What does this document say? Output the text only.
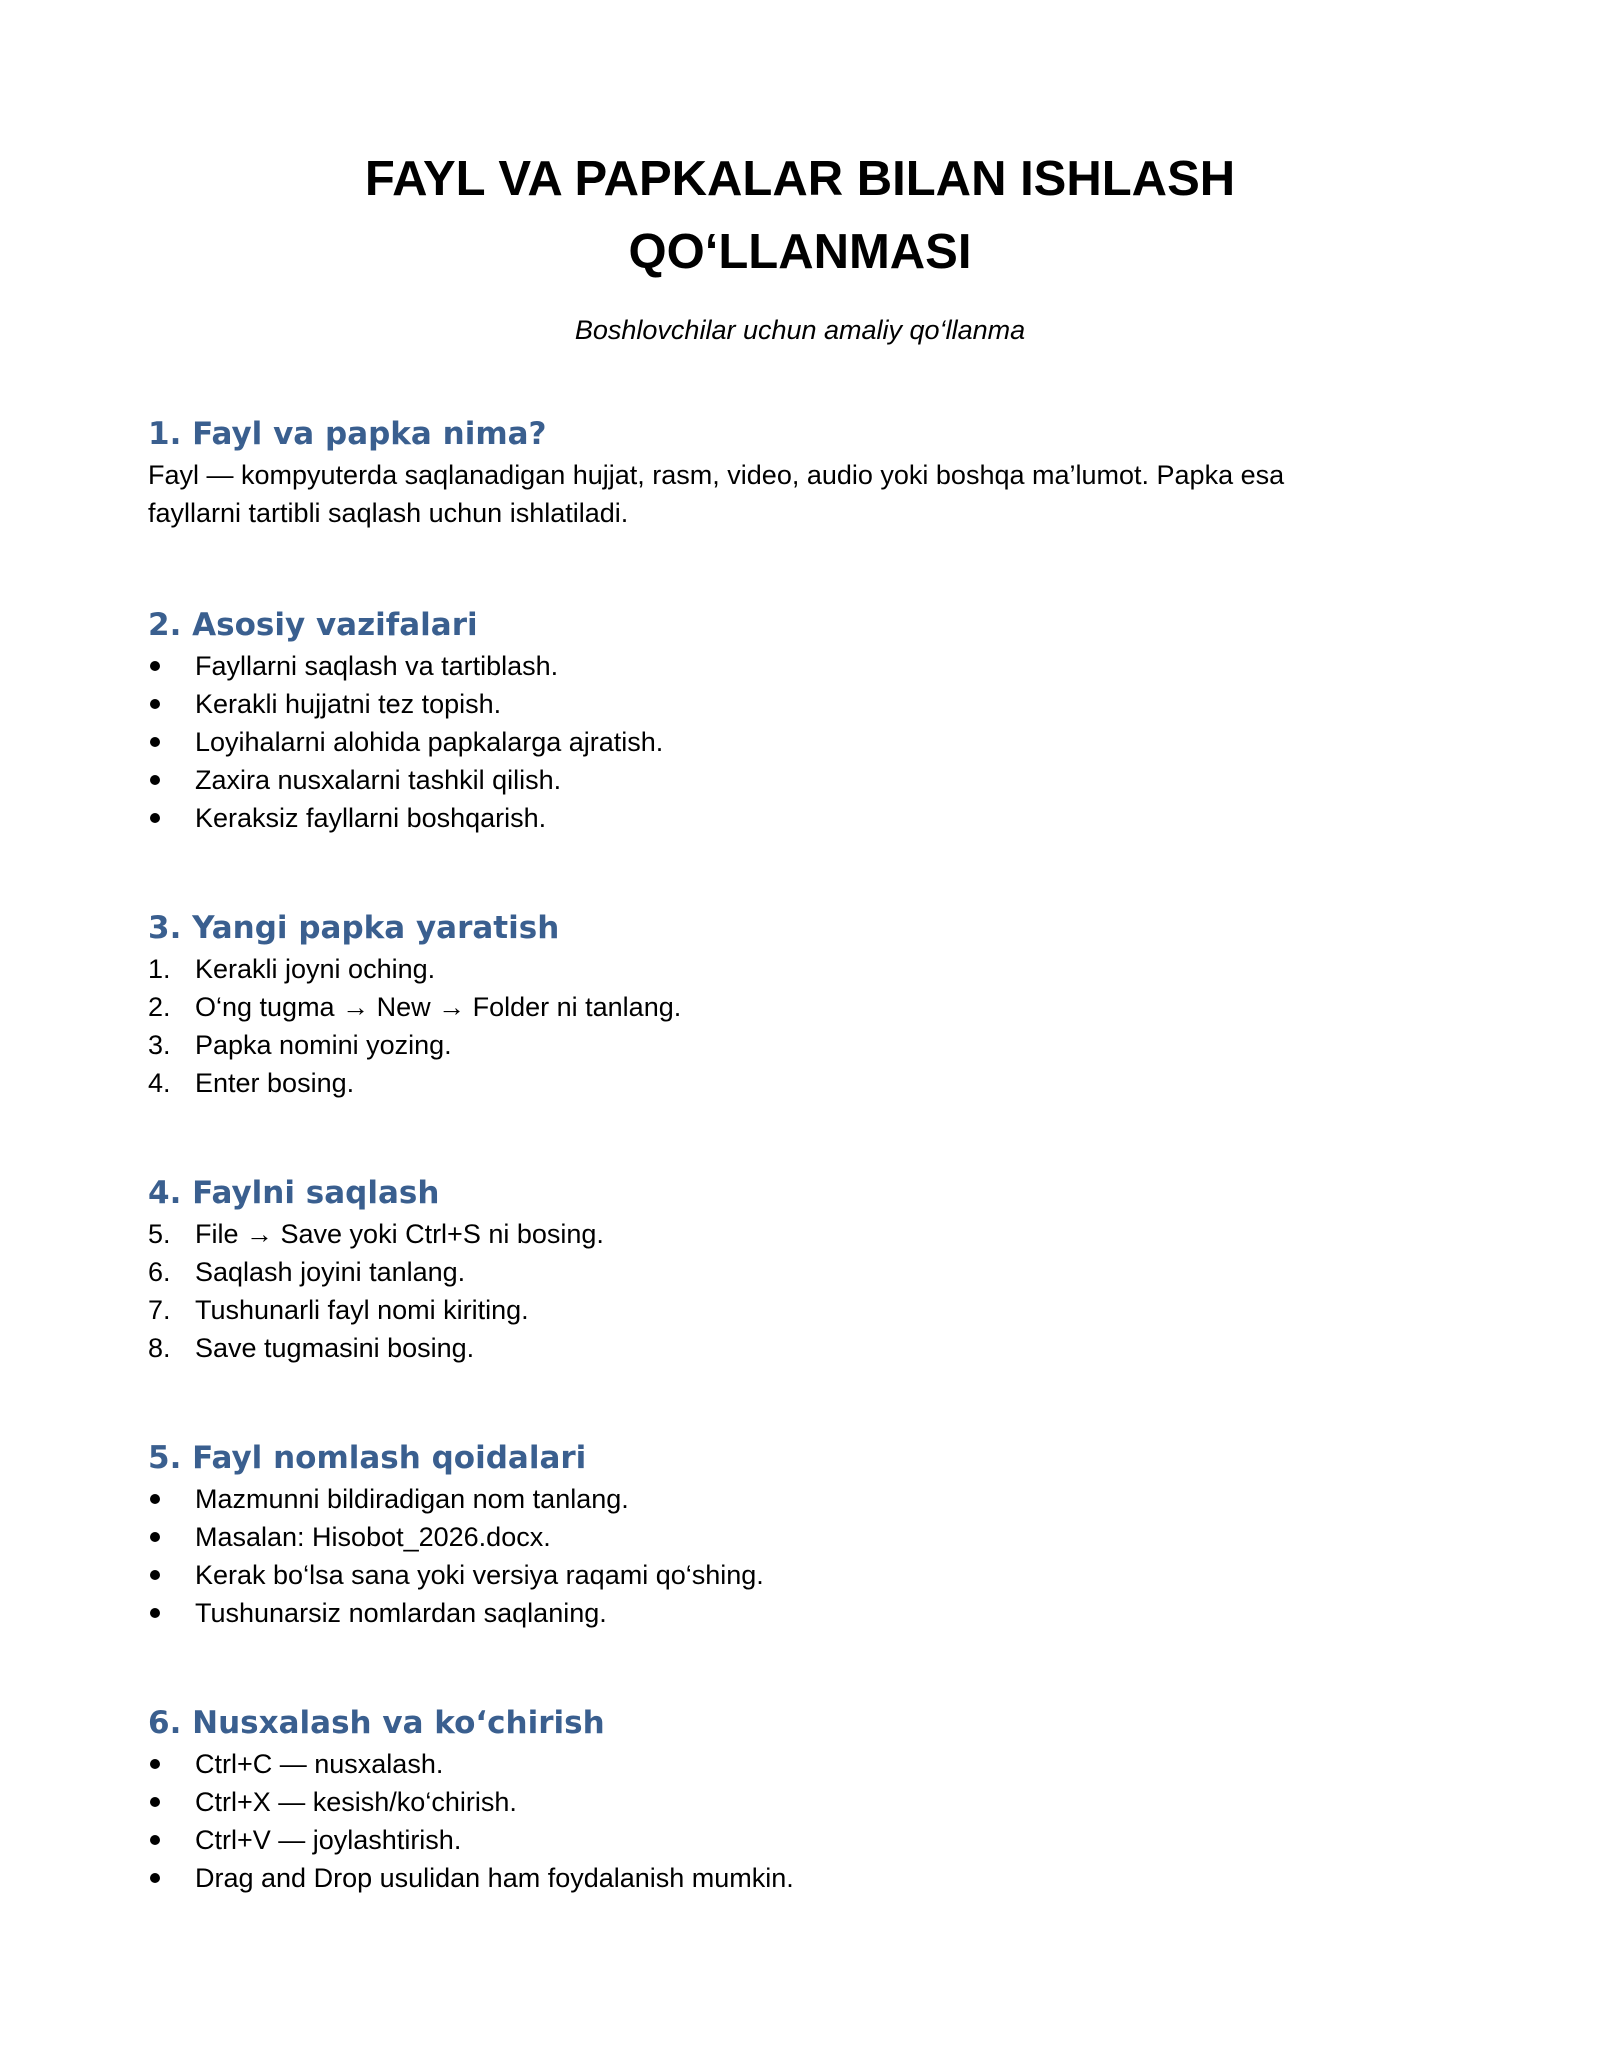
FAYL VA PAPKALAR BILAN ISHLASH
QO‘LLANMASI

Boshlovchilar uchun amaliy qo‘llanma

1. Fayl va papka nima?

Fayl — kompyuterda saqlanadigan hujjat, rasm, video, audio yoki boshqa ma’lumot. Papka esa

fayllarni tartibli saqlash uchun ishlatiladi.

2. Asosiy vazifalari
Fayllarni saqlash va tartiblash.
Kerakli hujjatni tez topish.
Loyihalarni alohida papkalarga ajratish.
Zaxira nusxalarni tashkil qilish.
Keraksiz fayllarni boshqarish.
3. Yangi papka yaratish
1. Kerakli joyni oching.
2. O‘ng tugma → New → Folder ni tanlang.
3. Papka nomini yozing.
4. Enter bosing.
4. Faylni saqlash
5. File → Save yoki Ctrl+S ni bosing.
6. Saqlash joyini tanlang.
7. Tushunarli fayl nomi kiriting.
8. Save tugmasini bosing.
5. Fayl nomlash qoidalari
Mazmunni bildiradigan nom tanlang.
Masalan: Hisobot_2026.docx.
Kerak bo‘lsa sana yoki versiya raqami qo‘shing.
Tushunarsiz nomlardan saqlaning.
6. Nusxalash va ko‘chirish
Ctrl+C — nusxalash.
Ctrl+X — kesish/ko‘chirish.
Ctrl+V — joylashtirish.
Drag and Drop usulidan ham foydalanish mumkin.
